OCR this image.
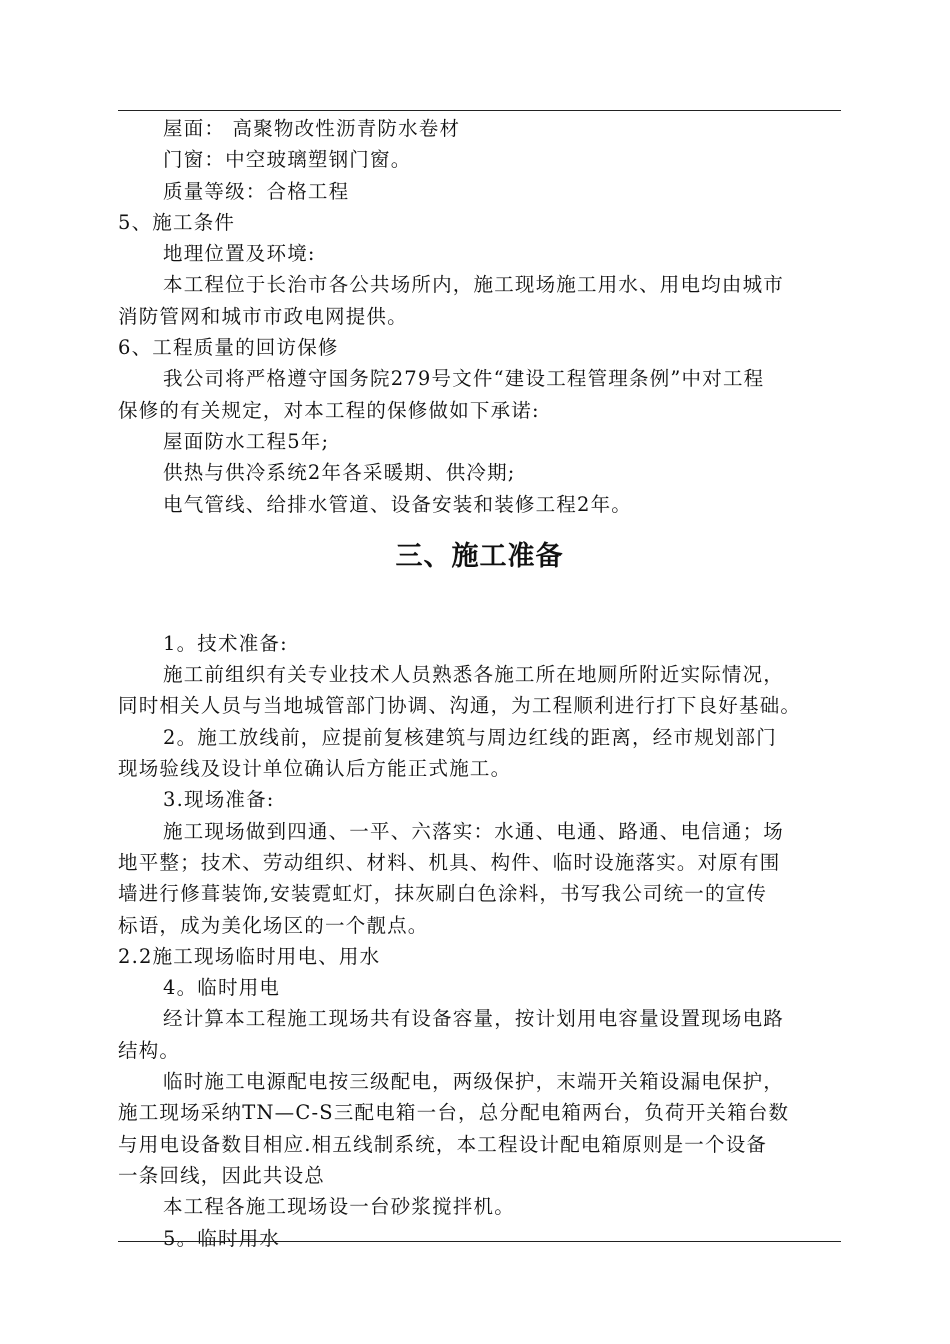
屋面： 高聚物改性沥青防水卷材
门窗：中空玻璃塑钢门窗。
质量等级：合格工程
5、施工条件
地理位置及环境:
本工程位于长治市各公共场所内，施工现场施工用水、用电均由城市
消防管网和城市市政电网提供。
6、工程质量的回访保修
我公司将严格遵守国务院279号文件“建设工程管理条例”中对工程
保修的有关规定，对本工程的保修做如下承诺:
屋面防水工程5年;
供热与供冷系统2年各采暖期、供冷期;
电气管线、给排水管道、设备安装和装修工程2年。
三、施工准备
1。技术准备:
施工前组织有关专业技术人员熟悉各施工所在地厕所附近实际情况，
同时相关人员与当地城管部门协调、沟通，为工程顺利进行打下良好基础。
2。施工放线前，应提前复核建筑与周边红线的距离，经市规划部门
现场验线及设计单位确认后方能正式施工。
3.现场准备:
施工现场做到四通、一平、六落实：水通、电通、路通、电信通；场
地平整；技术、劳动组织、材料、机具、构件、临时设施落实。对原有围
墙进行修葺装饰,安装霓虹灯，抹灰刷白色涂料，书写我公司统一的宣传
标语，成为美化场区的一个靓点。
2.2施工现场临时用电、用水
4。临时用电
经计算本工程施工现场共有设备容量，按计划用电容量设置现场电路
结构。
临时施工电源配电按三级配电，两级保护，末端开关箱设漏电保护，
施工现场采纳TN—C-S三配电箱一台，总分配电箱两台，负荷开关箱台数
与用电设备数目相应.相五线制系统，本工程设计配电箱原则是一个设备
一条回线，因此共设总
本工程各施工现场设一台砂浆搅拌机。
5。临时用水
